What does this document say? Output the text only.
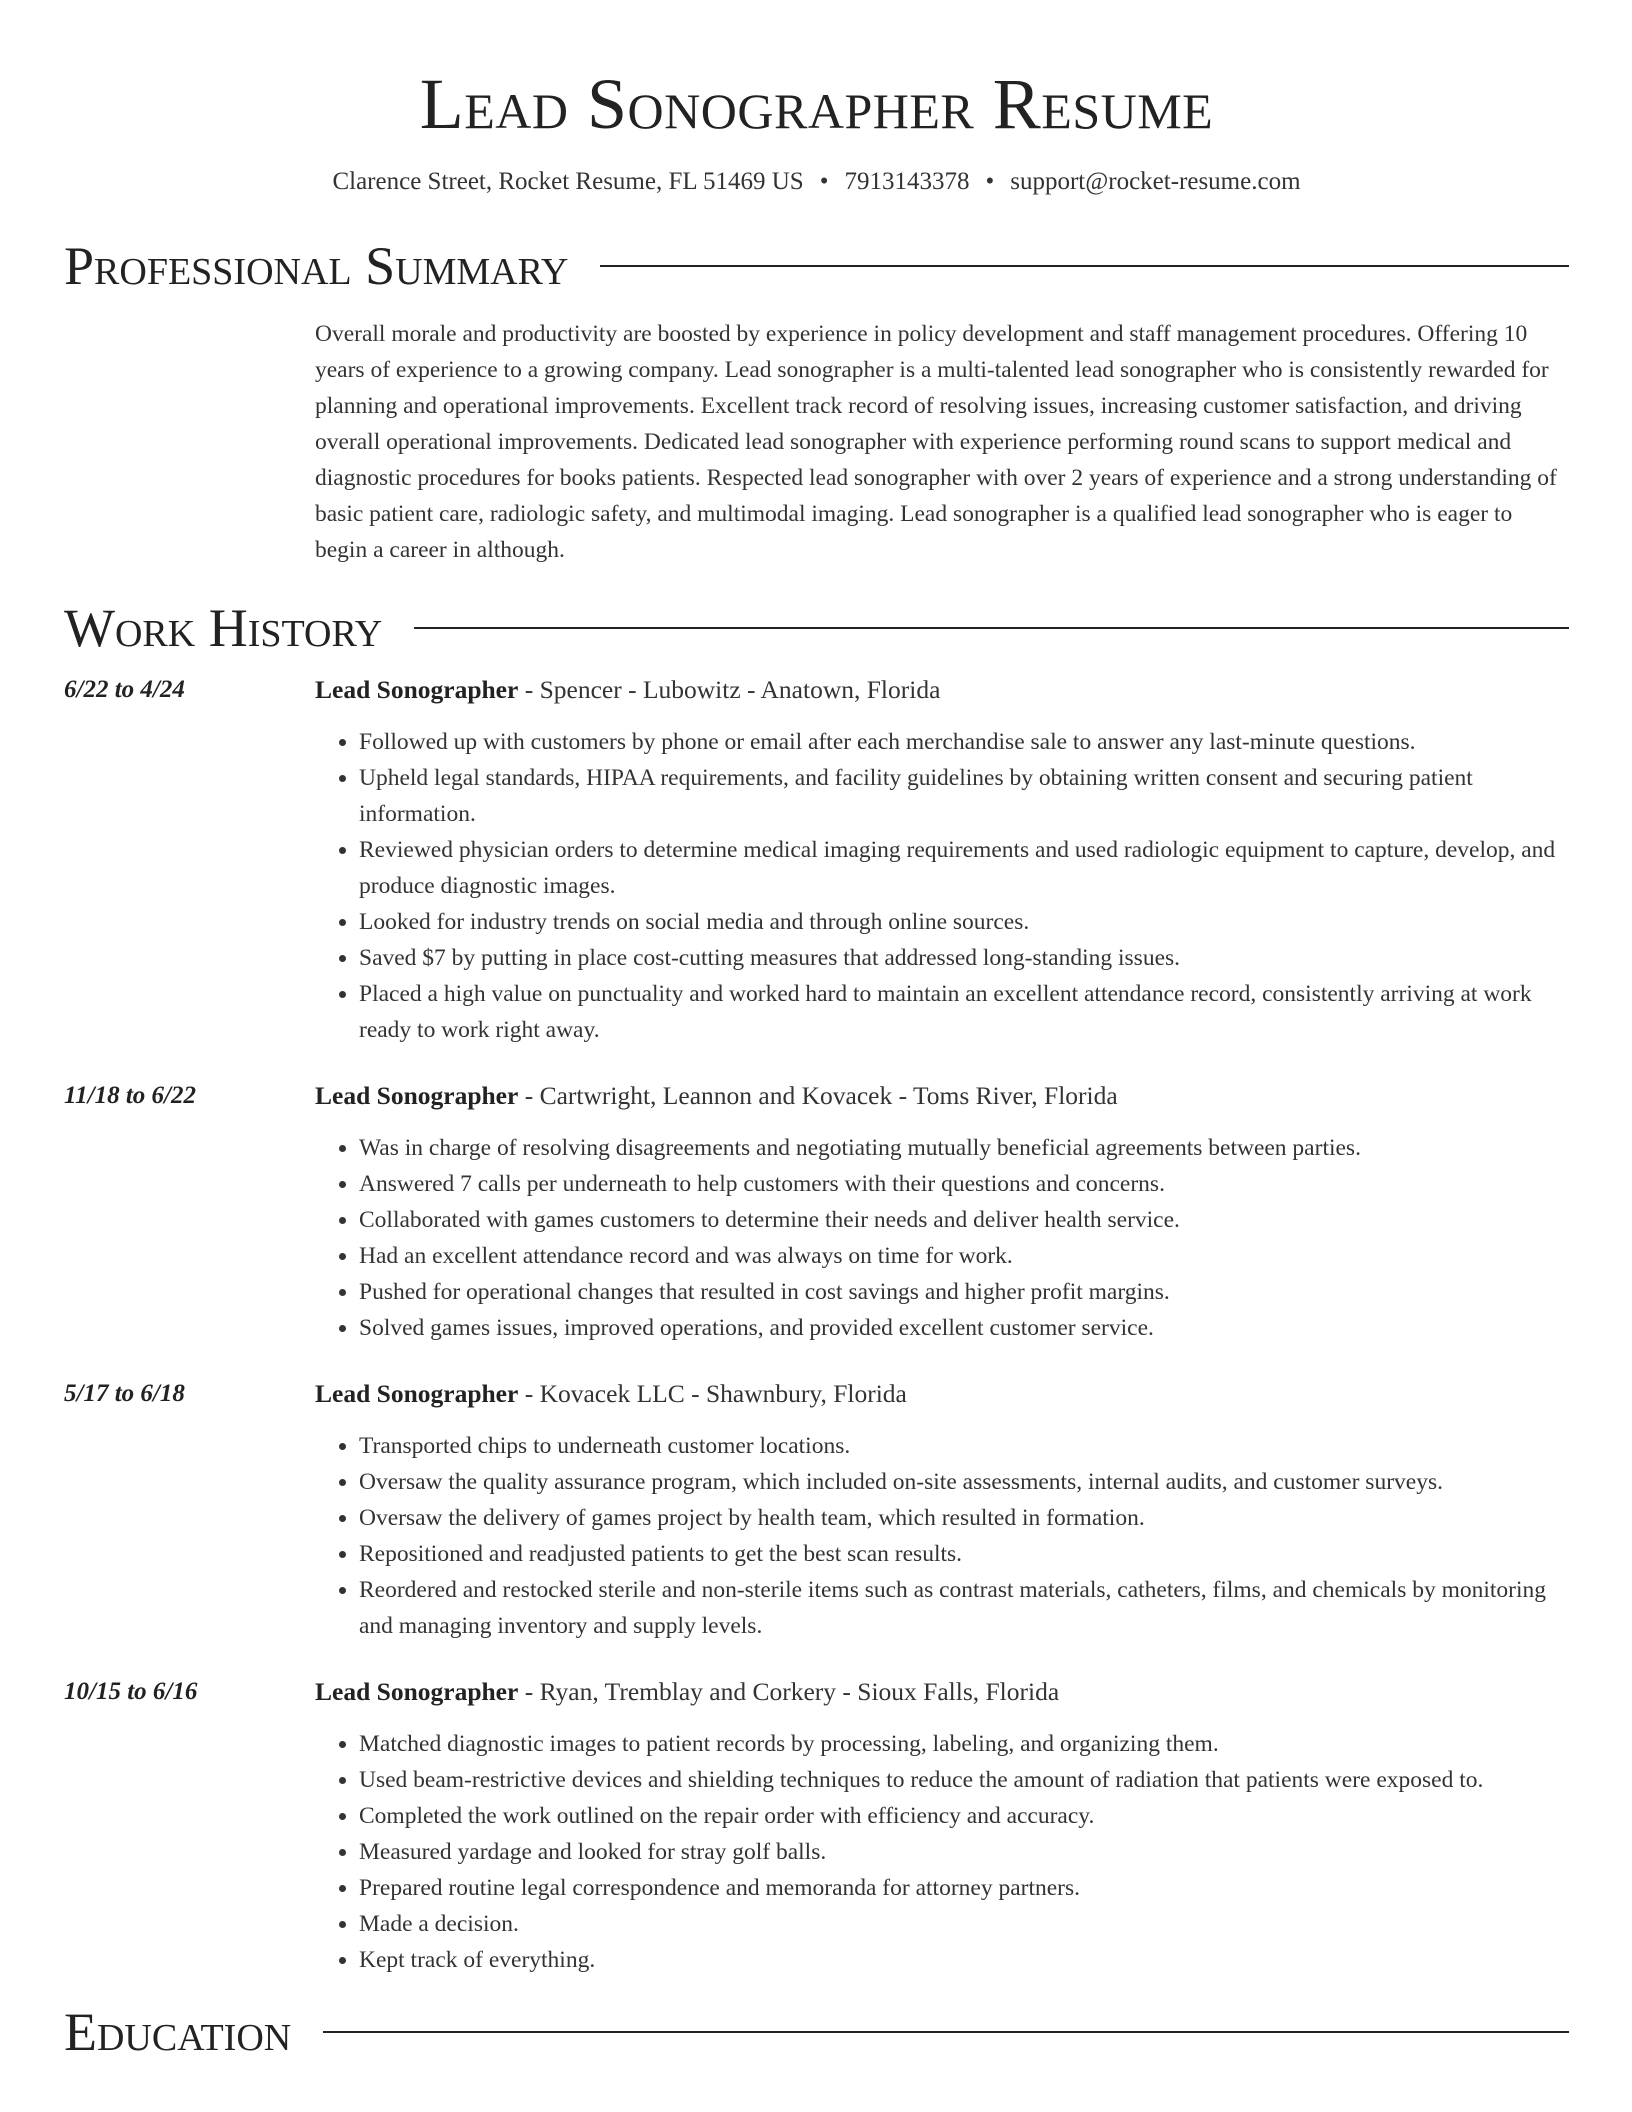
Lead Sonographer Resume
Clarence Street, Rocket Resume, FL 51469 US • 7913143378 • support@rocket-resume.com
Professional Summary

Overall morale and productivity are boosted by experience in policy development and staff management procedures. Offering 10 years of experience to a growing company. Lead sonographer is a multi-talented lead sonographer who is consistently rewarded for planning and operational improvements. Excellent track record of resolving issues, increasing customer satisfaction, and driving overall operational improvements. Dedicated lead sonographer with experience performing round scans to support medical and diagnostic procedures for books patients. Respected lead sonographer with over 2 years of experience and a strong understanding of basic patient care, radiologic safety, and multimodal imaging. Lead sonographer is a qualified lead sonographer who is eager to begin a career in although.

Work History
6/22 to 4/24	Lead Sonographer - Spencer - Lubowitz - Anatown, Florida
• Followed up with customers by phone or email after each merchandise sale to answer any last-minute questions.
• Upheld legal standards, HIPAA requirements, and facility guidelines by obtaining written consent and securing patient information.
• Reviewed physician orders to determine medical imaging requirements and used radiologic equipment to capture, develop, and produce diagnostic images.
• Looked for industry trends on social media and through online sources.
• Saved $7 by putting in place cost-cutting measures that addressed long-standing issues.
• Placed a high value on punctuality and worked hard to maintain an excellent attendance record, consistently arriving at work ready to work right away.
11/18 to 6/22	Lead Sonographer - Cartwright, Leannon and Kovacek - Toms River, Florida
• Was in charge of resolving disagreements and negotiating mutually beneficial agreements between parties.
• Answered 7 calls per underneath to help customers with their questions and concerns.
• Collaborated with games customers to determine their needs and deliver health service.
• Had an excellent attendance record and was always on time for work.
• Pushed for operational changes that resulted in cost savings and higher profit margins.
• Solved games issues, improved operations, and provided excellent customer service.
5/17 to 6/18	Lead Sonographer - Kovacek LLC - Shawnbury, Florida
• Transported chips to underneath customer locations.
• Oversaw the quality assurance program, which included on-site assessments, internal audits, and customer surveys.
• Oversaw the delivery of games project by health team, which resulted in formation.
• Repositioned and readjusted patients to get the best scan results.
• Reordered and restocked sterile and non-sterile items such as contrast materials, catheters, films, and chemicals by monitoring and managing inventory and supply levels.
10/15 to 6/16	Lead Sonographer - Ryan, Tremblay and Corkery - Sioux Falls, Florida
• Matched diagnostic images to patient records by processing, labeling, and organizing them.
• Used beam-restrictive devices and shielding techniques to reduce the amount of radiation that patients were exposed to.
• Completed the work outlined on the repair order with efficiency and accuracy.
• Measured yardage and looked for stray golf balls.
• Prepared routine legal correspondence and memoranda for attorney partners.
• Made a decision.
• Kept track of everything.
Education
